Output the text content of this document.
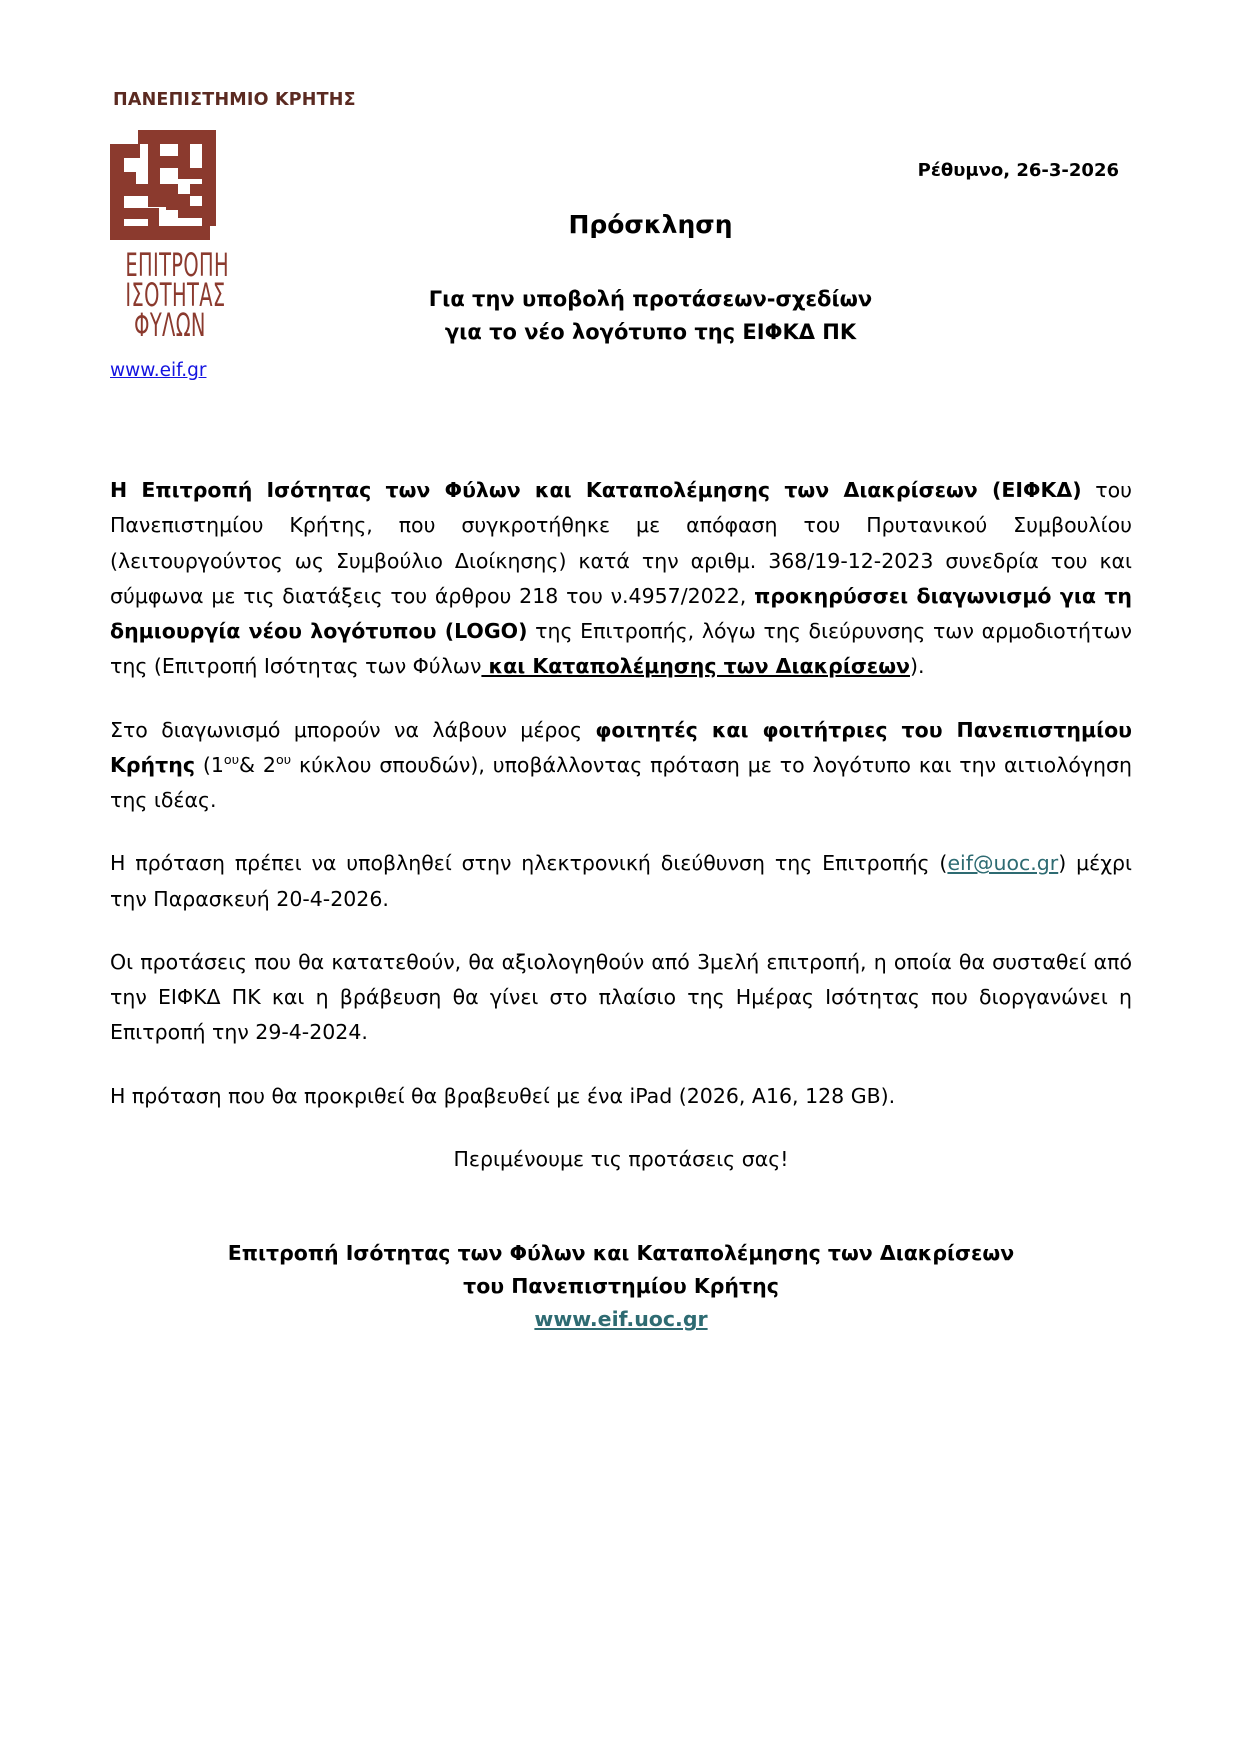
ΠΑΝΕΠΙΣΤΗΜΙΟ ΚΡΗΤΗΣ
ΕΠΙΤΡΟΠΗ
ΙΣΟΤΗΤΑΣ
ΦΥΛΩΝ
www.eif.gr
Ρέθυμνο, 26-3-2026
Πρόσκληση
Για την υποβολή προτάσεων-σχεδίων
για το νέο λογότυπο της ΕΙΦΚΔ ΠΚ

Η Επιτροπή Ισότητας των Φύλων και Καταπολέμησης των Διακρίσεων (ΕΙΦΚΔ) του Πανεπιστημίου Κρήτης, που συγκροτήθηκε με απόφαση του Πρυτανικού Συμβουλίου (λειτουργούντος ως Συμβούλιο Διοίκησης) κατά την αριθμ. 368/19-12-2023 συνεδρία του και σύμφωνα με τις διατάξεις του άρθρου 218 του ν.4957/2022, προκηρύσσει διαγωνισμό για τη δημιουργία νέου λογότυπου (LOGO) της Επιτροπής, λόγω της διεύρυνσης των αρμοδιοτήτων της (Επιτροπή Ισότητας των Φύλων και Καταπολέμησης των Διακρίσεων).

Στο διαγωνισμό μπορούν να λάβουν μέρος φοιτητές και φοιτήτριες του Πανεπιστημίου Κρήτης ($1^{o\upsilon}\&$ $2^{o\upsilon}$ κύκλου σπουδών), υποβάλλοντας πρόταση με το λογότυπο και την αιτιολόγηση της ιδέας.

Η πρόταση πρέπει να υποβληθεί στην ηλεκτρονική διεύθυνση της Επιτροπής (eif@uoc.gr) μέχρι την Παρασκευή 20-4-2026.

Οι προτάσεις που θα κατατεθούν, θα αξιολογηθούν από 3μελή επιτροπή, η οποία θα συσταθεί από την ΕΙΦΚΔ ΠΚ και η βράβευση θα γίνει στο πλαίσιο της Ημέρας Ισότητας που διοργανώνει η Επιτροπή την 29-4-2024.

Η πρόταση που θα προκριθεί θα βραβευθεί με ένα iPad (2026, A16, 128 GB).

Περιμένουμε τις προτάσεις σας!

Επιτροπή Ισότητας των Φύλων και Καταπολέμησης των Διακρίσεων
του Πανεπιστημίου Κρήτης
www.eif.uoc.gr
